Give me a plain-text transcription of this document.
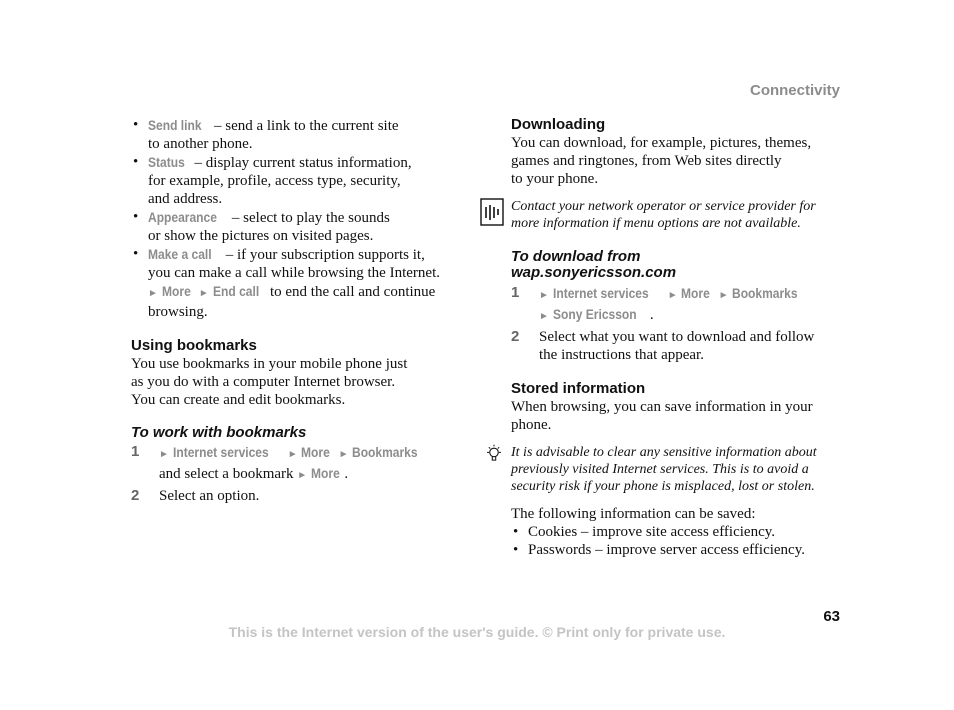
Connectivity
• Send link – send a link to the current site
to another phone.
• Status – display current status information,
for example, profile, access type, security,
and address.
• Appearance – select to play the sounds
or show the pictures on visited pages.
• Make a call – if your subscription supports it,
you can make a call while browsing the Internet.
► More ► End call to end the call and continue
browsing.
Using bookmarks

You use bookmarks in your mobile phone just
as you do with a computer Internet browser.
You can create and edit bookmarks.

To work with bookmarks
1 ► Internet services ► More ► Bookmarks
and select a bookmark ► More .
2 Select an option.
Downloading

You can download, for example, pictures, themes,
games and ringtones, from Web sites directly
to your phone.

Contact your network operator or service provider for
more information if menu options are not available.
To download from
wap.sonyericsson.com
1 ► Internet services ► More ► Bookmarks
► Sony Ericsson .
2 Select what you want to download and follow
the instructions that appear.
Stored information

When browsing, you can save information in your
phone.

It is advisable to clear any sensitive information about
previously visited Internet services. This is to avoid a
security risk if your phone is misplaced, lost or stolen.

The following information can be saved:

• Cookies – improve site access efficiency.
• Passwords – improve server access efficiency.
63
This is the Internet version of the user's guide. © Print only for private use.
